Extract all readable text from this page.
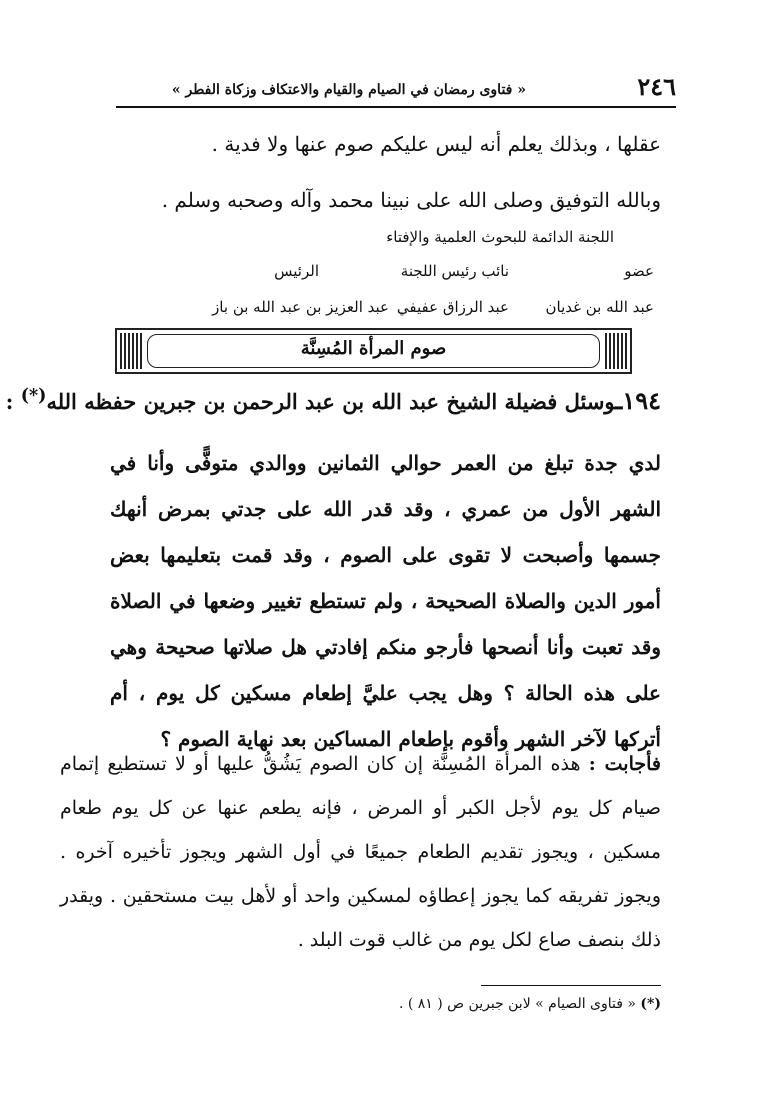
٢٤٦
« فتاوى رمضان في الصيام والقيام والاعتكاف وزكاة الفطر »
عقلها ، وبذلك يعلم أنه ليس عليكم صوم عنها ولا فدية .
وبالله التوفيق وصلى الله على نبينا محمد وآله وصحبه وسلم .
اللجنة الدائمة للبحوث العلمية والإفتاء
عضو
نائب رئيس اللجنة
الرئيس
عبد الله بن غديان
عبد الرزاق عفيفي
عبد العزيز بن عبد الله بن باز
صوم المرأة المُسِنَّة
١٩٤ـوسئل فضيلة الشيخ عبد الله بن عبد الرحمن بن جبرين حفظه الله(*) :
لدي جدة تبلغ من العمر حوالي الثمانين ووالدي متوفًّى وأنا في الشهر الأول من عمري ، وقد قدر الله على جدتي بمرض أنهك جسمها وأصبحت لا تقوى على الصوم ، وقد قمت بتعليمها بعض أمور الدين والصلاة الصحيحة ، ولم تستطع تغيير وضعها في الصلاة وقد تعبت وأنا أنصحها فأرجو منكم إفادتي هل صلاتها صحيحة وهي على هذه الحالة ؟ وهل يجب عليَّ إطعام مسكين كل يوم ، أم أتركها لآخر الشهر وأقوم بإطعام المساكين بعد نهاية الصوم ؟
فأجابت : هذه المرأة المُسِنَّة إن كان الصوم يَشُقُّ عليها أو لا تستطيع إتمام صيام كل يوم لأجل الكبر أو المرض ، فإنه يطعم عنها عن كل يوم طعام مسكين ، ويجوز تقديم الطعام جميعًا في أول الشهر ويجوز تأخيره آخره . ويجوز تفريقه كما يجوز إعطاؤه لمسكين واحد أو لأهل بيت مستحقين . ويقدر ذلك بنصف صاع لكل يوم من غالب قوت البلد .
(*) « فتاوى الصيام » لابن جبرين ص ( ٨١ ) .
